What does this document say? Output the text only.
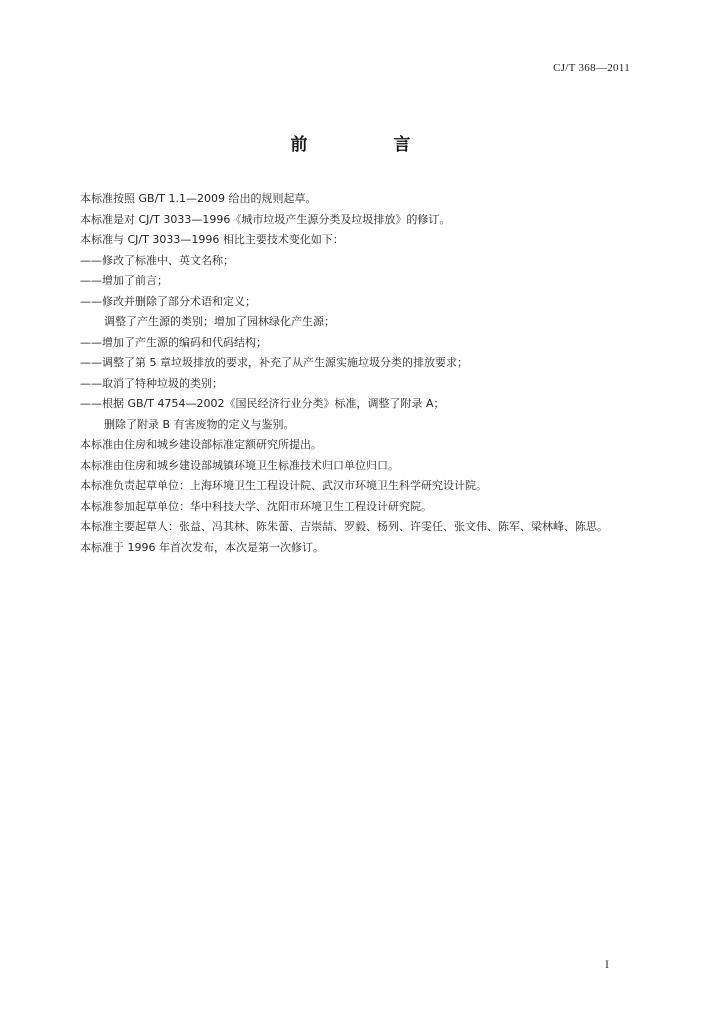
CJ/T 368—2011
前 言
本标准按照 GB/T 1.1—2009 给出的规则起草。
本标准是对 CJ/T 3033—1996《城市垃圾产生源分类及垃圾排放》的修订。
本标准与 CJ/T 3033—1996 相比主要技术变化如下：
——修改了标准中、英文名称；
——增加了前言；
——修改并删除了部分术语和定义；
调整了产生源的类别；增加了园林绿化产生源；
——增加了产生源的编码和代码结构；
——调整了第 5 章垃圾排放的要求，补充了从产生源实施垃圾分类的排放要求；
——取消了特种垃圾的类别；
——根据 GB/T 4754—2002《国民经济行业分类》标准，调整了附录 A；
删除了附录 B 有害废物的定义与鉴别。
本标准由住房和城乡建设部标准定额研究所提出。
本标准由住房和城乡建设部城镇环境卫生标准技术归口单位归口。
本标准负责起草单位：上海环境卫生工程设计院、武汉市环境卫生科学研究设计院。
本标准参加起草单位：华中科技大学、沈阳市环境卫生工程设计研究院。
本标准主要起草人：张益、冯其林、陈朱蕾、吉崇喆、罗毅、杨列、许雯任、张文伟、陈军、梁林峰、陈思。
本标准于 1996 年首次发布，本次是第一次修订。
I
